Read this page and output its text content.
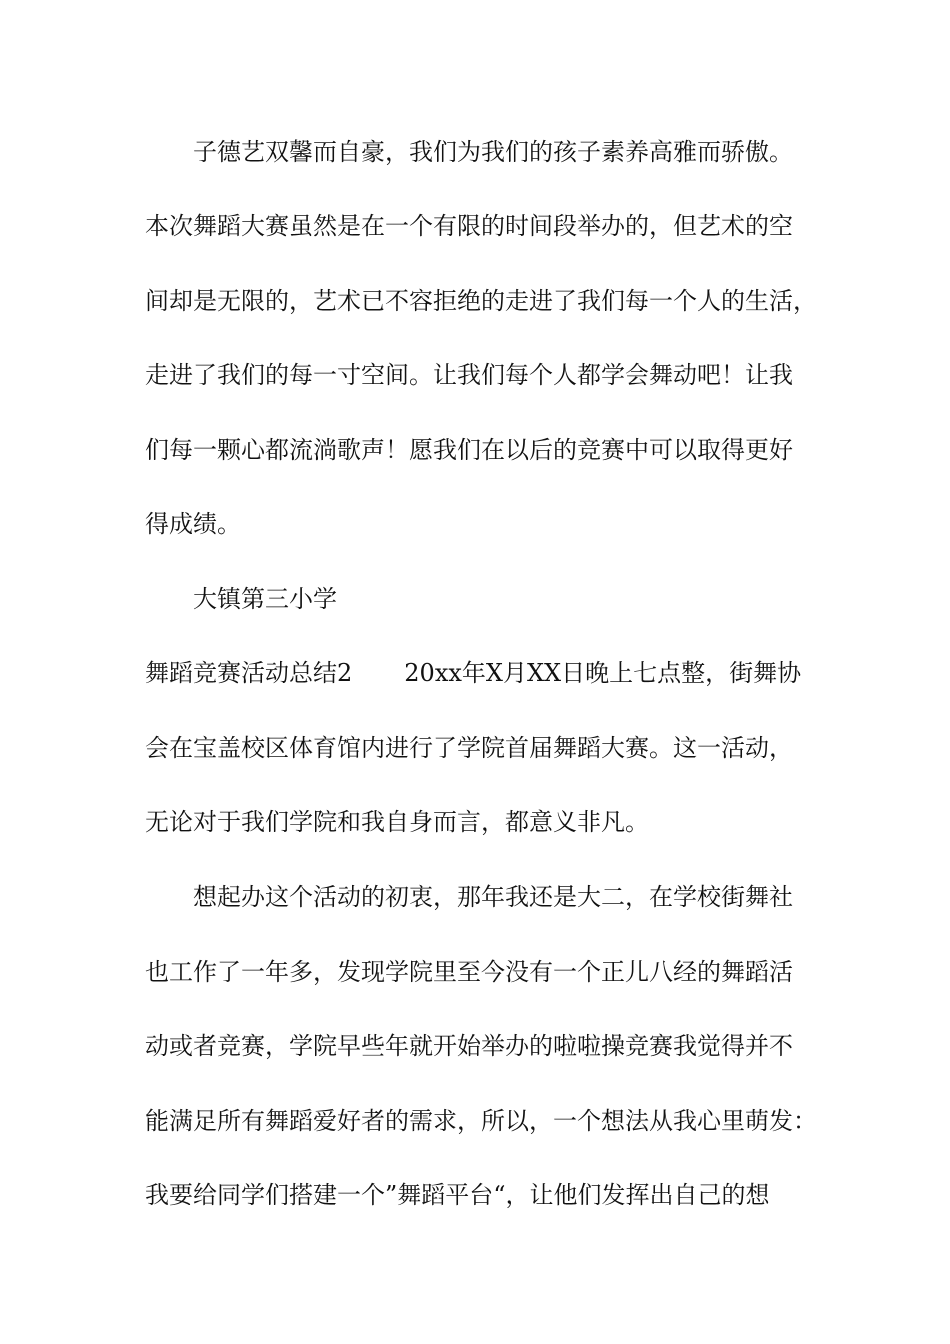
子德艺双馨而自豪，我们为我们的孩子素养高雅而骄傲。
本次舞蹈大赛虽然是在一个有限的时间段举办的，但艺术的空
间却是无限的，艺术已不容拒绝的走进了我们每一个人的生活，
走进了我们的每一寸空间。让我们每个人都学会舞动吧！让我
们每一颗心都流淌歌声！愿我们在以后的竞赛中可以取得更好
得成绩。
大镇第三小学
舞蹈竞赛活动总结2 20xx年X月XX日晚上七点整，街舞协
会在宝盖校区体育馆内进行了学院首届舞蹈大赛。这一活动，
无论对于我们学院和我自身而言，都意义非凡。
想起办这个活动的初衷，那年我还是大二，在学校街舞社
也工作了一年多，发现学院里至今没有一个正儿八经的舞蹈活
动或者竞赛，学院早些年就开始举办的啦啦操竞赛我觉得并不
能满足所有舞蹈爱好者的需求，所以，一个想法从我心里萌发：
我要给同学们搭建一个”舞蹈平台“，让他们发挥出自己的想
